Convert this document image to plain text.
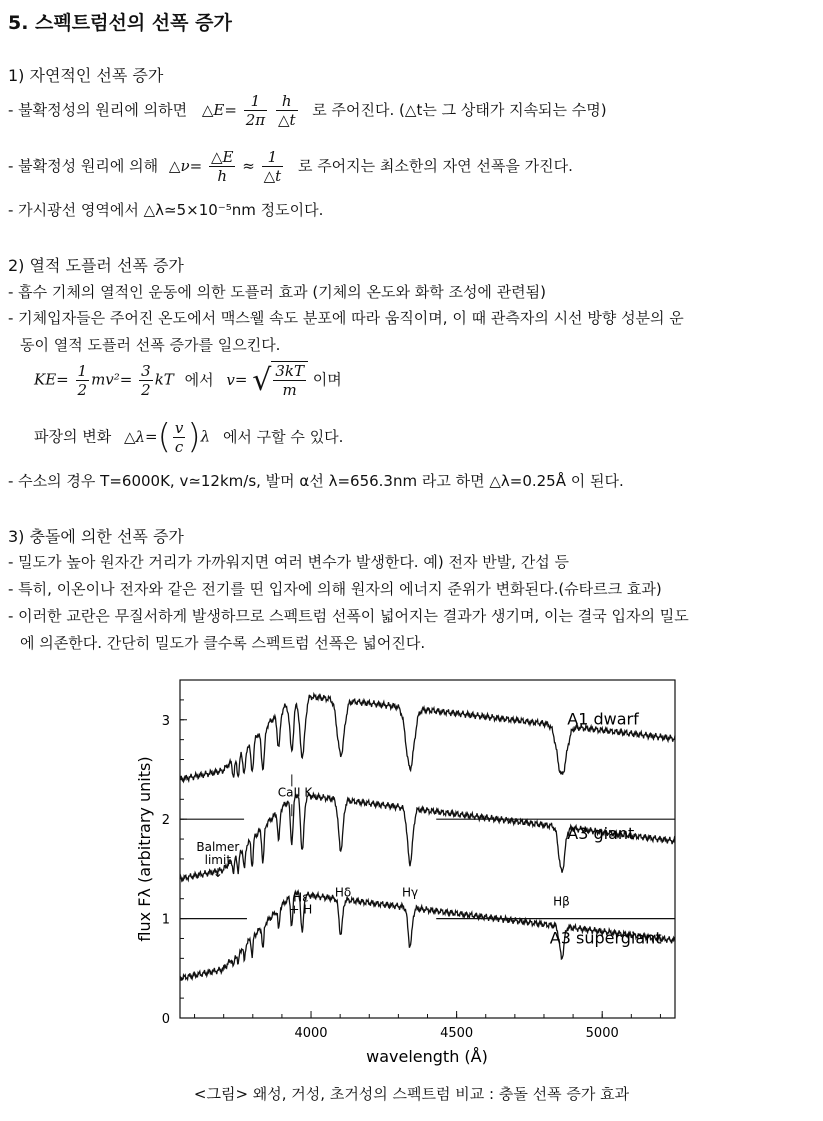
5. 스펙트럼선의 선폭 증가
1) 자연적인 선폭 증가
- 불확정성의 원리에 의하면 △E= $\frac{1}{2\pi}$
$\frac{h}{\triangle t}$ 로 주어진다. (△t는 그 상태가 지속되는 수명)
- 불확정성 원리에 의해 △ν= $\frac{\triangle E}{h} \approx \frac{1}{\triangle t}$ 로 주어지는 최소한의 자연 선폭을 가진다.
- 가시광선 영역에서 △λ≃5×10⁻⁵nm 정도이다.
2) 열적 도플러 선폭 증가
- 흡수 기체의 열적인 운동에 의한 도플러 효과 (기체의 온도와 화학 조성에 관련됨)
- 기체입자들은 주어진 온도에서 맥스웰 속도 분포에 따라 움직이며, 이 때 관측자의 시선 방향 성분의 운
동이 열적 도플러 선폭 증가를 일으킨다.
$KE= \frac{1}{2} mv^2= \frac{3}{2}$ kT 에서 v= √ $\frac{3kT}{m}$ 이며
파장의 변화 △λ=( $\frac{v}{c} )\lambda$ 에서 구할 수 있다.
- 수소의 경우 T=6000K, v≃12km/s, 발머 α선 λ=656.3nm 라고 하면 △λ=0.25Å 이 된다.
3) 충돌에 의한 선폭 증가
- 밀도가 높아 원자간 거리가 가까워지면 여러 변수가 발생한다. 예) 전자 반발, 간섭 등
- 특히, 이온이나 전자와 같은 전기를 띤 입자에 의해 원자의 에너지 준위가 변화된다.(슈타르크 효과)
- 이러한 교란은 무질서하게 발생하므로 스펙트럼 선폭이 넓어지는 결과가 생기며, 이는 결국 입자의 밀도
에 의존한다. 간단히 밀도가 클수록 스펙트럼 선폭은 넓어진다.
0
1
2
3
4000	4500	5000
A1 dwarf
A3 giant
A3 supergiant
CaII K
Balmer
limit
↓
Hε
+ H
Hδ	Hγ
Hβ
wavelength (Å)
flux Fλ (arbitrary units)
<그림> 왜성, 거성, 초거성의 스펙트럼 비교 : 충돌 선폭 증가 효과
